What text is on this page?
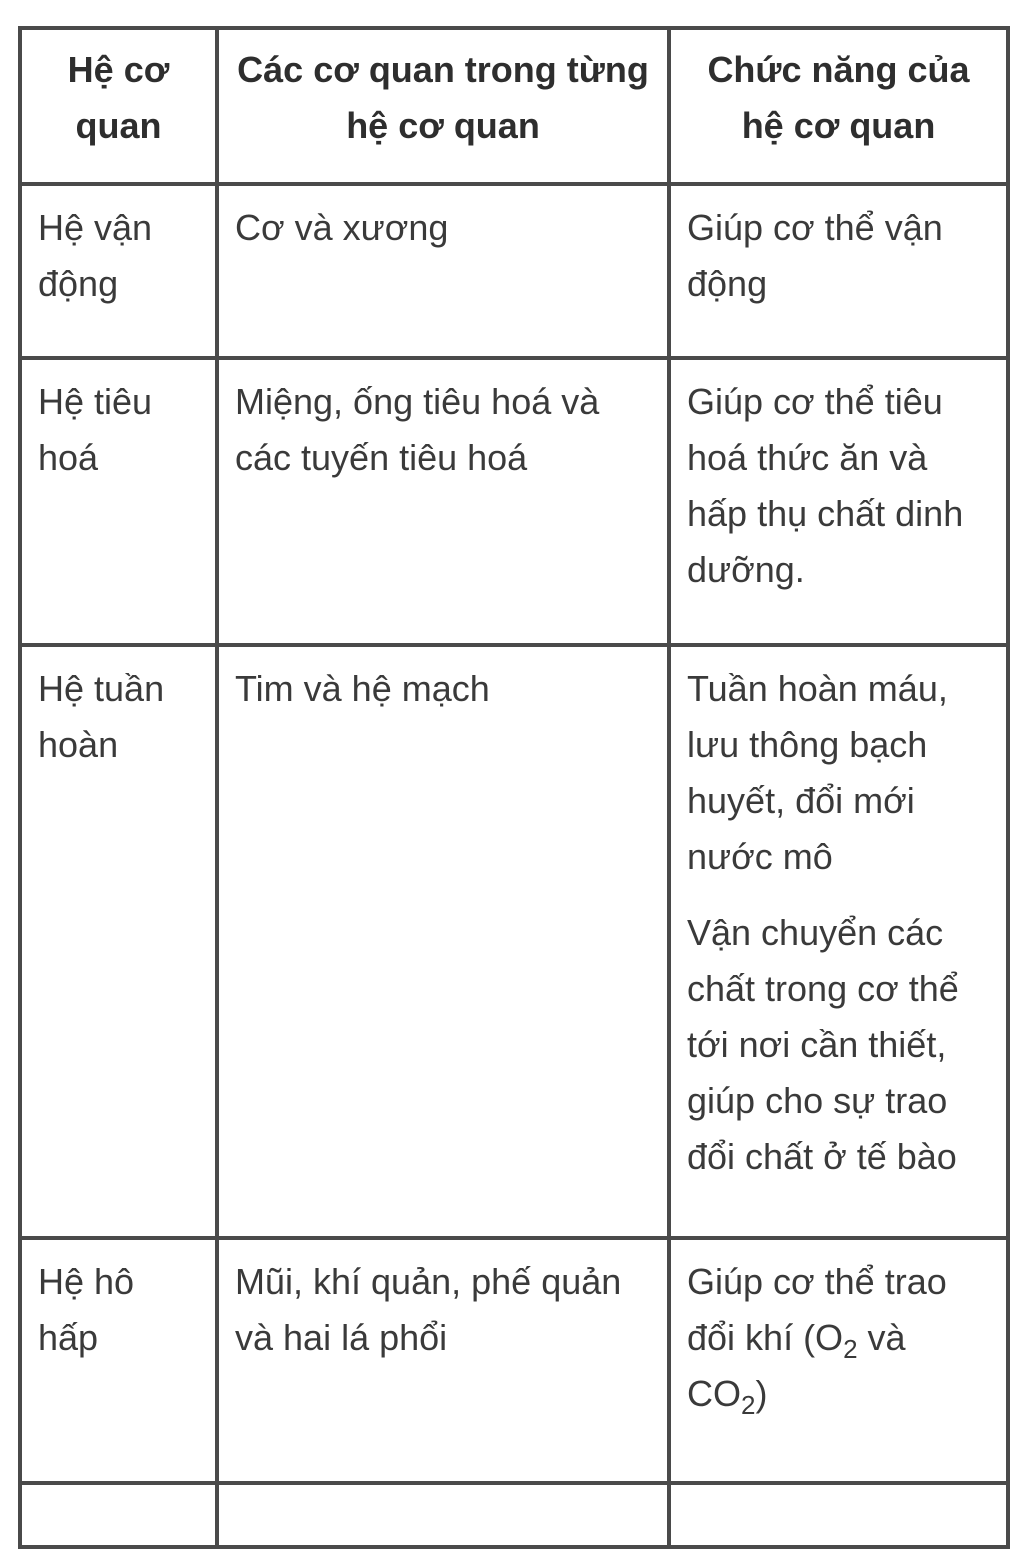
Hệ cơ quan	Các cơ quan trong từng hệ cơ quan	Chức năng của hệ cơ quan
Hệ vận động	Cơ và xương	Giúp cơ thể vận động

Hệ tiêu hoá	Miệng, ống tiêu hoá và các tuyến tiêu hoá	Giúp cơ thể tiêu hoá thức ăn và hấp thụ chất dinh dưỡng.

Hệ tuần hoàn	Tim và hệ mạch	Tuần hoàn máu, lưu thông bạch huyết, đổi mới nước mô
Vận chuyển các chất trong cơ thể tới nơi cần thiết, giúp cho sự trao đổi chất ở tế bào

Hệ hô hấp	Mũi, khí quản, phế quản và hai lá phổi	Giúp cơ thể trao đổi khí ($O_2$ và $CO_2$)
